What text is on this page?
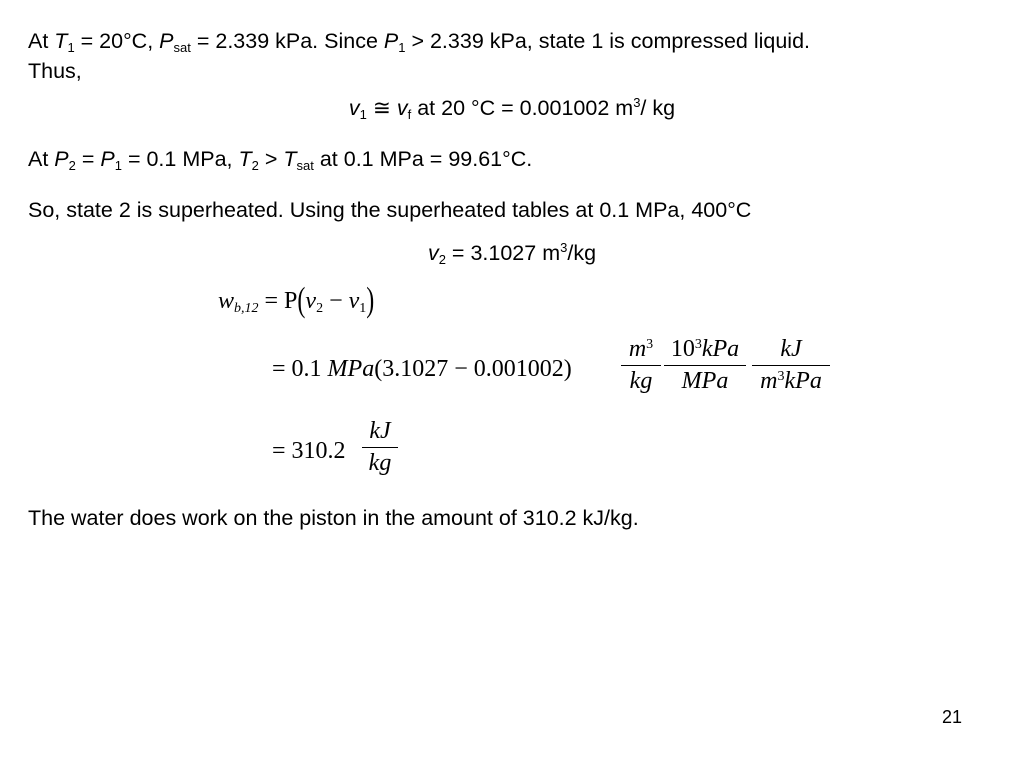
At $T_1 = 20^\circ C$, $P_{sat} = 2.339$ kPa. Since $P_1 > 2.339$ kPa, state 1 is compressed liquid.
Thus,
$v_1$ ≅ $v_f$ at 20 °C = 0.001002 $m^3/$ kg
At $P_2 = P_1 = 0.1$ MPa, $T_2 > T_{sat}$ at 0.1 MPa = 99.61°C.
So, state 2 is superheated. Using the superheated tables at 0.1 MPa, 400°C
$v_2 = 3.1027$ $m^3/kg$
$w_{b,12} = P(v_2 - v_1)$
= 0.1 $MPa(3.1027 - 0.001002) \frac{m^3}{kg} 10^3kPa$
MPa
kJ
$m^3kPa$
= $310.2 \frac{kJ}{kg}$
The water does work on the piston in the amount of 310.2 kJ/kg.
21
